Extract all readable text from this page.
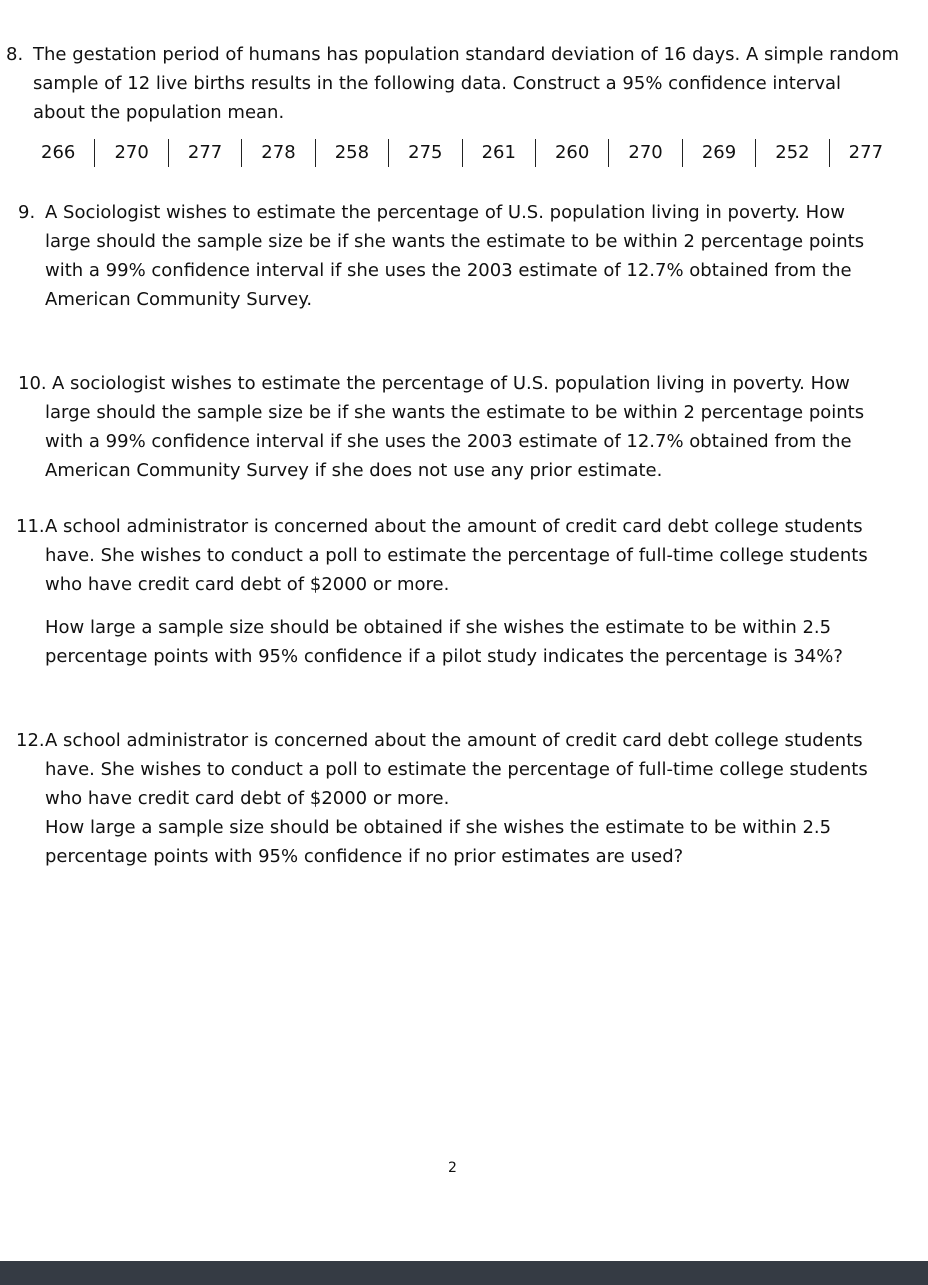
8. The gestation period of humans has population standard deviation of 16 days. A simple random
sample of 12 live births results in the following data. Construct a 95% confidence interval
about the population mean.
266	270	277	278	258	275	261	260	270	269	252	277
9. A Sociologist wishes to estimate the percentage of U.S. population living in poverty. How
large should the sample size be if she wants the estimate to be within 2 percentage points
with a 99% confidence interval if she uses the 2003 estimate of 12.7% obtained from the
American Community Survey.
10. A sociologist wishes to estimate the percentage of U.S. population living in poverty. How
large should the sample size be if she wants the estimate to be within 2 percentage points
with a 99% confidence interval if she uses the 2003 estimate of 12.7% obtained from the
American Community Survey if she does not use any prior estimate.
11. A school administrator is concerned about the amount of credit card debt college students
have. She wishes to conduct a poll to estimate the percentage of full-time college students
who have credit card debt of $2000 or more.
How large a sample size should be obtained if she wishes the estimate to be within 2.5
percentage points with 95% confidence if a pilot study indicates the percentage is 34%?
12. A school administrator is concerned about the amount of credit card debt college students
have. She wishes to conduct a poll to estimate the percentage of full-time college students
who have credit card debt of $2000 or more.
How large a sample size should be obtained if she wishes the estimate to be within 2.5
percentage points with 95% confidence if no prior estimates are used?
2
